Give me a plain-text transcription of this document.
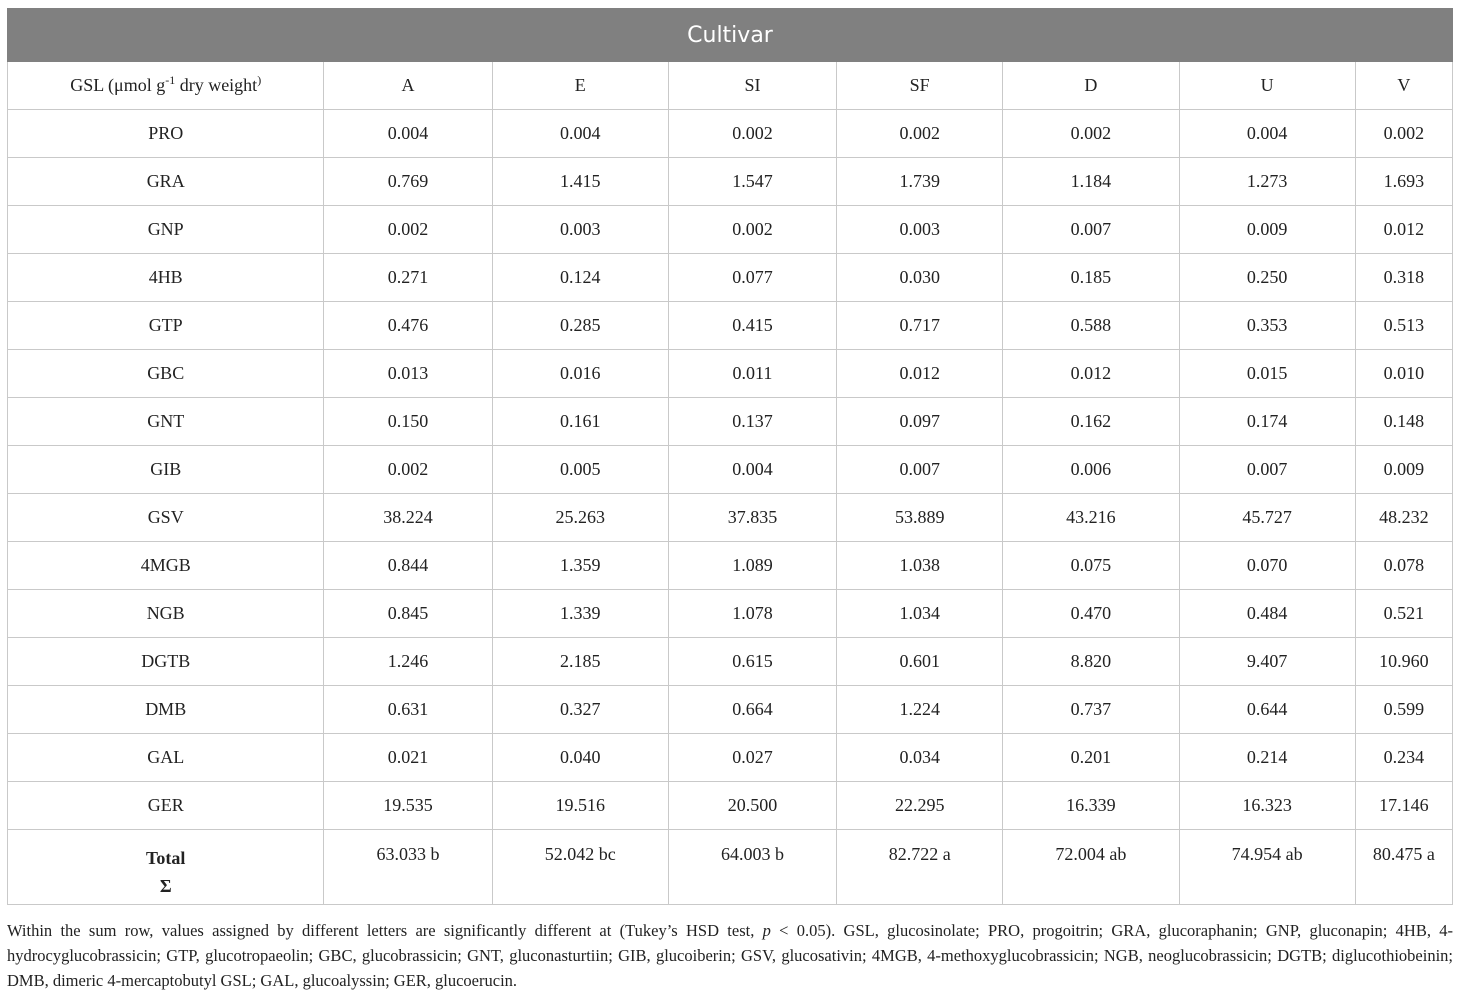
Cultivar							
GSL (μmol $g^{-1}$ dry weight)	A	E	SI	SF	D	U	V
PRO	0.004	0.004	0.002	0.002	0.002	0.004	0.002
GRA	0.769	1.415	1.547	1.739	1.184	1.273	1.693
GNP	0.002	0.003	0.002	0.003	0.007	0.009	0.012
4HB	0.271	0.124	0.077	0.030	0.185	0.250	0.318
GTP	0.476	0.285	0.415	0.717	0.588	0.353	0.513
GBC	0.013	0.016	0.011	0.012	0.012	0.015	0.010
GNT	0.150	0.161	0.137	0.097	0.162	0.174	0.148
GIB	0.002	0.005	0.004	0.007	0.006	0.007	0.009
GSV	38.224	25.263	37.835	53.889	43.216	45.727	48.232
4MGB	0.844	1.359	1.089	1.038	0.075	0.070	0.078
NGB	0.845	1.339	1.078	1.034	0.470	0.484	0.521
DGTB	1.246	2.185	0.615	0.601	8.820	9.407	10.960
DMB	0.631	0.327	0.664	1.224	0.737	0.644	0.599
GAL	0.021	0.040	0.027	0.034	0.201	0.214	0.234
GER	19.535	19.516	20.500	22.295	16.339	16.323	17.146
Total
Σ	63.033 b	52.042 bc	64.003 b	82.722 a	72.004 ab	74.954 ab	80.475 a
Within the sum row, values assigned by different letters are significantly different at (Tukey’s HSD test, p < 0.05). GSL, glucosinolate; PRO, progoitrin; GRA, glucoraphanin; GNP, gluconapin; 4HB, 4-hydrocyglucobrassicin; GTP, glucotropaeolin; GBC, glucobrassicin; GNT, gluconasturtiin; GIB, glucoiberin; GSV, glucosativin; 4MGB, 4-methoxyglucobrassicin; NGB, neoglucobrassicin; DGTB; diglucothiobeinin; DMB, dimeric 4-mercaptobutyl GSL; GAL, glucoalyssin; GER, glucoerucin.
